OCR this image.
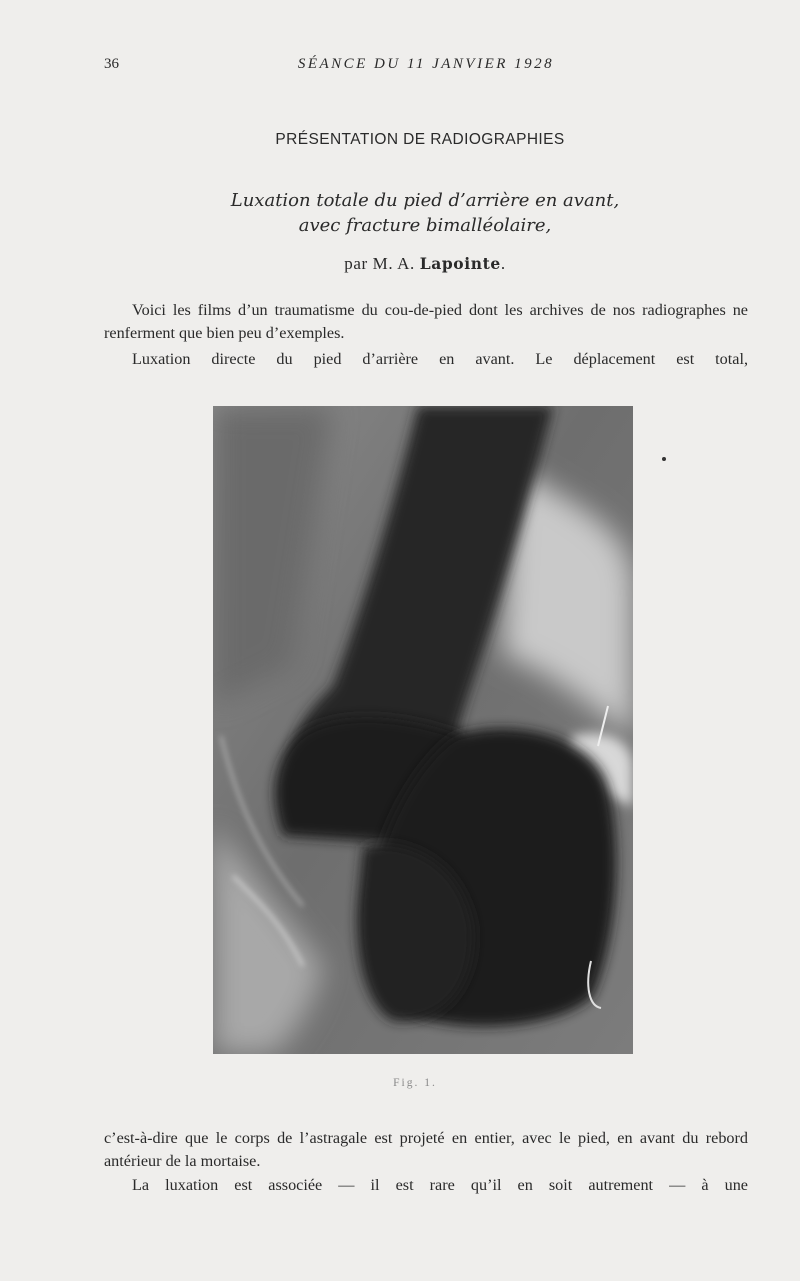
36	SÉANCE DU 11 JANVIER 1928
PRÉSENTATION DE RADIOGRAPHIES
Luxation totale du pied d’arrière en avant,
avec fracture bimalléolaire,
par M. A. Lapointe.

Voici les films d’un traumatisme du cou-de-pied dont les archives de nos radiographes ne renferment que bien peu d’exemples.

Luxation directe du pied d’arrière en avant. Le déplacement est total,

Fig. 1.

c’est-à-dire que le corps de l’astragale est projeté en entier, avec le pied, en avant du rebord antérieur de la mortaise.

La luxation est associée — il est rare qu’il en soit autrement — à une
